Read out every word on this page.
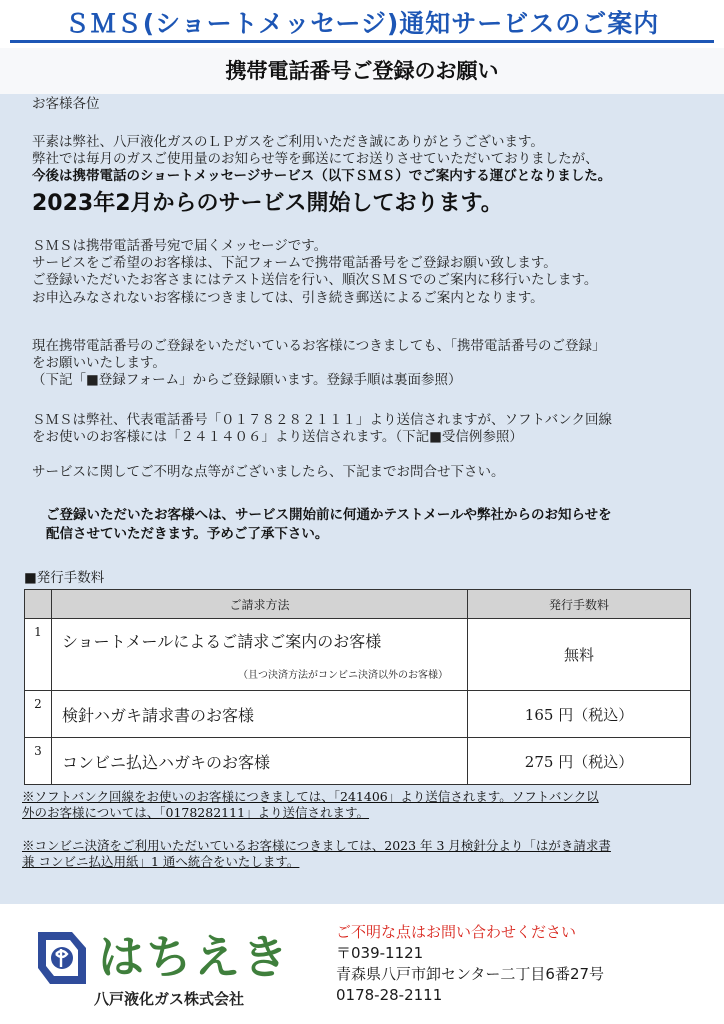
ＳＭＳ(ショートメッセージ)通知サービスのご案内
携帯電話番号ご登録のお願い

お客様各位

平素は弊社、八戸液化ガスのＬＰガスをご利用いただき誠にありがとうございます。

弊社では毎月のガスご使用量のお知らせ等を郵送にてお送りさせていただいておりましたが、

今後は携帯電話のショートメッセージサービス（以下ＳＭＳ）でご案内する運びとなりました。

2023年2月からのサービス開始しております。

ＳＭＳは携帯電話番号宛で届くメッセージです。
サービスをご希望のお客様は、下記フォームで携帯電話番号をご登録お願い致します。
ご登録いただいたお客さまにはテスト送信を行い、順次ＳＭＳでのご案内に移行いたします。
お申込みなされないお客様につきましては、引き続き郵送によるご案内となります。

現在携帯電話番号のご登録をいただいているお客様につきましても、「携帯電話番号のご登録」
をお願いいたします。
（下記「■登録フォーム」からご登録願います。登録手順は裏面参照）

ＳＭＳは弊社、代表電話番号「０１７８２８２１１１」より送信されますが、ソフトバンク回線
をお使いのお客様には「２４１４０６」より送信されます。（下記■受信例参照）

サービスに関してご不明な点等がございましたら、下記までお問合せ下さい。

ご登録いただいたお客様へは、サービス開始前に何通かテストメールや弊社からのお知らせを
配信させていただきます。予めご了承下さい。

■発行手数料
	ご請求方法	発行手数料
1	ショートメールによるご請求ご案内のお客様
（且つ決済方法がコンビニ決済以外のお客様）	無料
2	検針ハガキ請求書のお客様	165 円（税込）
3	コンビニ払込ハガキのお客様	275 円（税込）

※ソフトバンク回線をお使いのお客様につきましては、「241406」より送信されます。ソフトバンク以
外のお客様については、「0178282111」より送信されます。

※コンビニ決済をご利用いただいているお客様につきましては、2023 年 3 月検針分より「はがき請求書
兼 コンビニ払込用紙」1 通へ統合をいたします。

はちえき
八戸液化ガス株式会社
ご不明な点はお問い合わせください
〒039-1121
青森県八戸市卸センター二丁目6番27号
0178-28-2111
